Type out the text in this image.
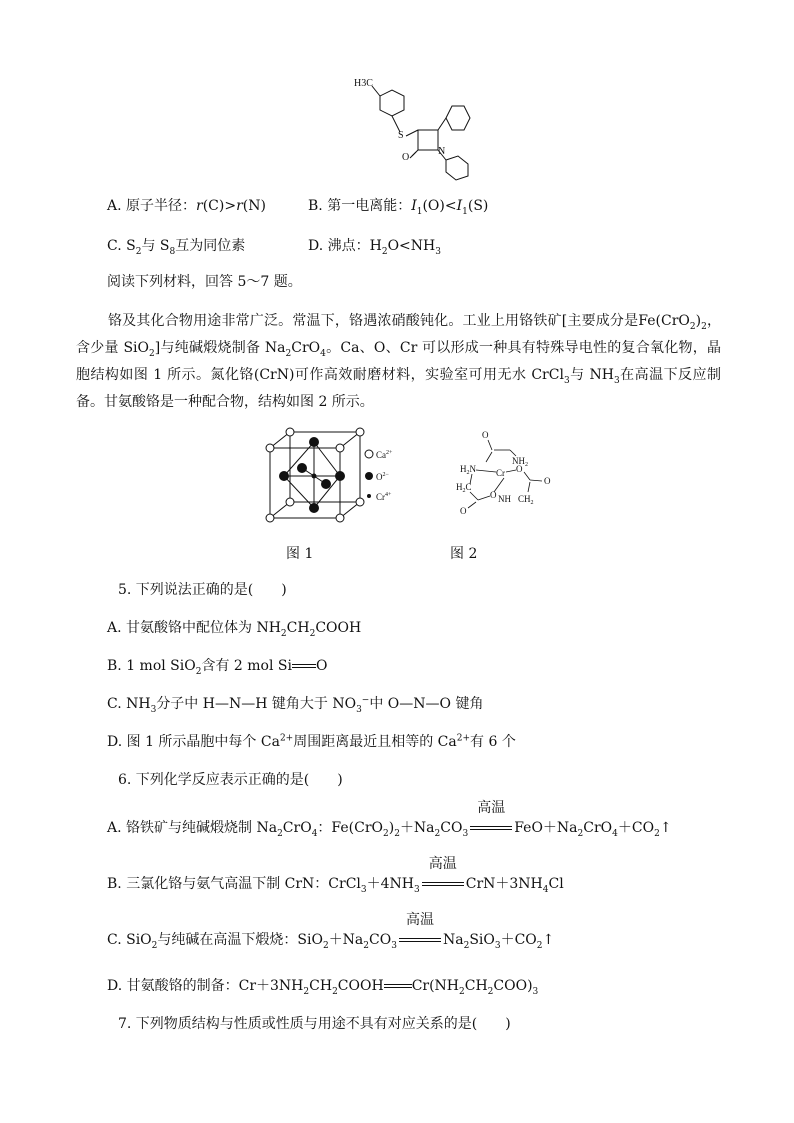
H3C
S
O
N
A. 原子半径：r(C)>r(N)	B. 第一电离能：$I_1(O)<I_1(S)$
C. $S_2$与 $S_8$互为同位素	D. 沸点：$H_2O<NH_3$
阅读下列材料，回答 5～7 题。
铬及其化合物用途非常广泛。常温下，铬遇浓硝酸钝化。工业上用铬铁矿[主要成分是$Fe(CrO_2)_2$，含少量 SiO$_2$]与纯碱煅烧制备 $Na_2CrO_4$。Ca、O、Cr 可以形成一种具有特殊导电性的复合氧化物，晶胞结构如图 1 所示。氮化铬(CrN)可作高效耐磨材料，实验室可用无水 CrCl$_3$与 $NH_3$在高温下反应制备。甘氨酸铬是一种配合物，结构如图 2 所示。
$Ca^{2+}$
$O^{2-}$
$Cr^{4+}$
O
$H_2N$
$NH_2$
$H_2C$
Cr
O NH $CH_2$
O
O
O
图 1	图 2
5. 下列说法正确的是(　　)
A. 甘氨酸铬中配位体为 $NH_2CH_2COOH$
B. 1 mol SiO$_2$含有 2 mol Si O
C. $NH_3$分子中 H—N—H 键角大于 $NO_3^-$中 O—N—O 键角
D. 图 1 所示晶胞中每个 $Ca^{2+}$周围距离最近且相等的 $Ca^{2+}$有 6 个
6. 下列化学反应表示正确的是(　　)
A. 铬铁矿与纯碱煅烧制 $Na_2CrO_4$：$Fe(CrO_2)_2+Na_2CO_3$
高温
$FeO+Na_2CrO_4+CO_2↑$
B. 三氯化铬与氨气高温下制 CrN：$CrCl_3+4NH_3$
高温
$CrN+3NH_4Cl$
C. SiO$_2$与纯碱在高温下煅烧：$SiO_2+Na_2CO_3$
高温
$Na_2SiO_3+CO_2↑$
D. 甘氨酸铬的制备：$Cr+3NH_2CH_2COOH$ $Cr(NH_2CH_2COO)_3$
7. 下列物质结构与性质或性质与用途不具有对应关系的是(　　)
